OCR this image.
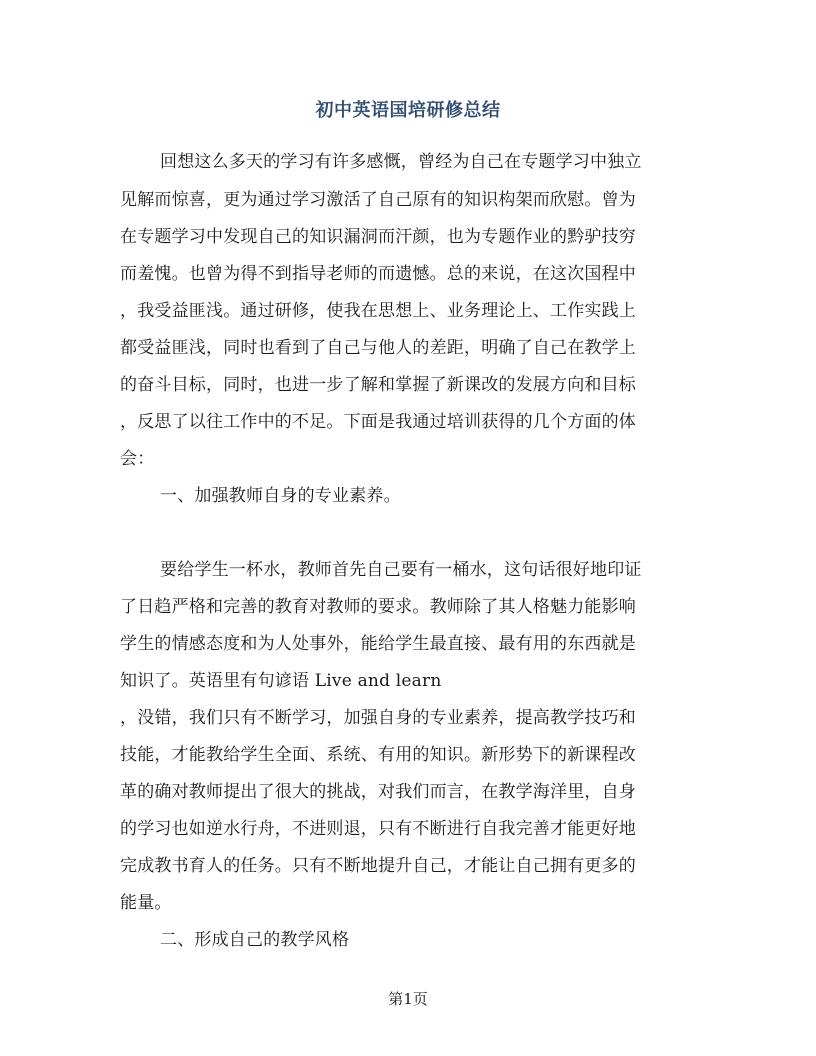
初中英语国培研修总结
回想这么多天的学习有许多感慨，曾经为自己在专题学习中独立
见解而惊喜，更为通过学习激活了自己原有的知识构架而欣慰。曾为
在专题学习中发现自己的知识漏洞而汗颜，也为专题作业的黔驴技穷
而羞愧。也曾为得不到指导老师的而遗憾。总的来说，在这次国程中
，我受益匪浅。通过研修，使我在思想上、业务理论上、工作实践上
都受益匪浅，同时也看到了自己与他人的差距，明确了自己在教学上
的奋斗目标，同时，也进一步了解和掌握了新课改的发展方向和目标
，反思了以往工作中的不足。下面是我通过培训获得的几个方面的体
会：
一、加强教师自身的专业素养。
要给学生一杯水，教师首先自己要有一桶水，这句话很好地印证
了日趋严格和完善的教育对教师的要求。教师除了其人格魅力能影响
学生的情感态度和为人处事外，能给学生最直接、最有用的东西就是
知识了。英语里有句谚语 Live and learn
，没错，我们只有不断学习，加强自身的专业素养，提高教学技巧和
技能，才能教给学生全面、系统、有用的知识。新形势下的新课程改
革的确对教师提出了很大的挑战，对我们而言，在教学海洋里，自身
的学习也如逆水行舟，不进则退，只有不断进行自我完善才能更好地
完成教书育人的任务。只有不断地提升自己，才能让自己拥有更多的
能量。
二、形成自己的教学风格
第1页
